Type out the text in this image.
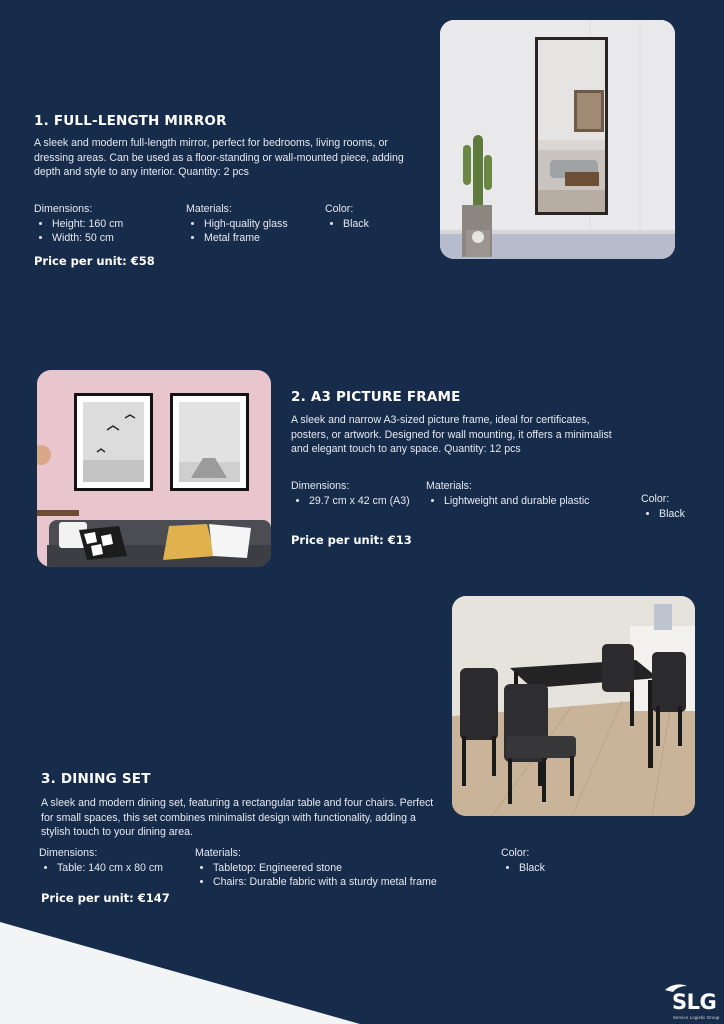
1. FULL-LENGTH MIRROR

A sleek and modern full-length mirror, perfect for bedrooms, living rooms, or dressing areas. Can be used as a floor-standing or wall-mounted piece, adding depth and style to any interior. Quantity: 2 pcs

Dimensions:
• Height: 160 cm
• Width: 50 cm
Materials:
• High-quality glass
• Metal frame
Color:
• Black
Price per unit: €58
2. A3 PICTURE FRAME

A sleek and narrow A3-sized picture frame, ideal for certificates, posters, or artwork. Designed for wall mounting, it offers a minimalist and elegant touch to any space. Quantity: 12 pcs

Dimensions:
• 29.7 cm x 42 cm (A3)
Materials:
• Lightweight and durable plastic	Color:
• Black
Price per unit: €13
3. DINING SET

A sleek and modern dining set, featuring a rectangular table and four chairs. Perfect for small spaces, this set combines minimalist design with functionality, adding a stylish touch to your dining area.

Dimensions:
• Table: 140 cm x 80 cm
Materials:
• Tabletop: Engineered stone
• Chairs: Durable fabric with a sturdy metal frame
Color:
• Black
Price per unit: €147
SLG
Service Logistic Group
